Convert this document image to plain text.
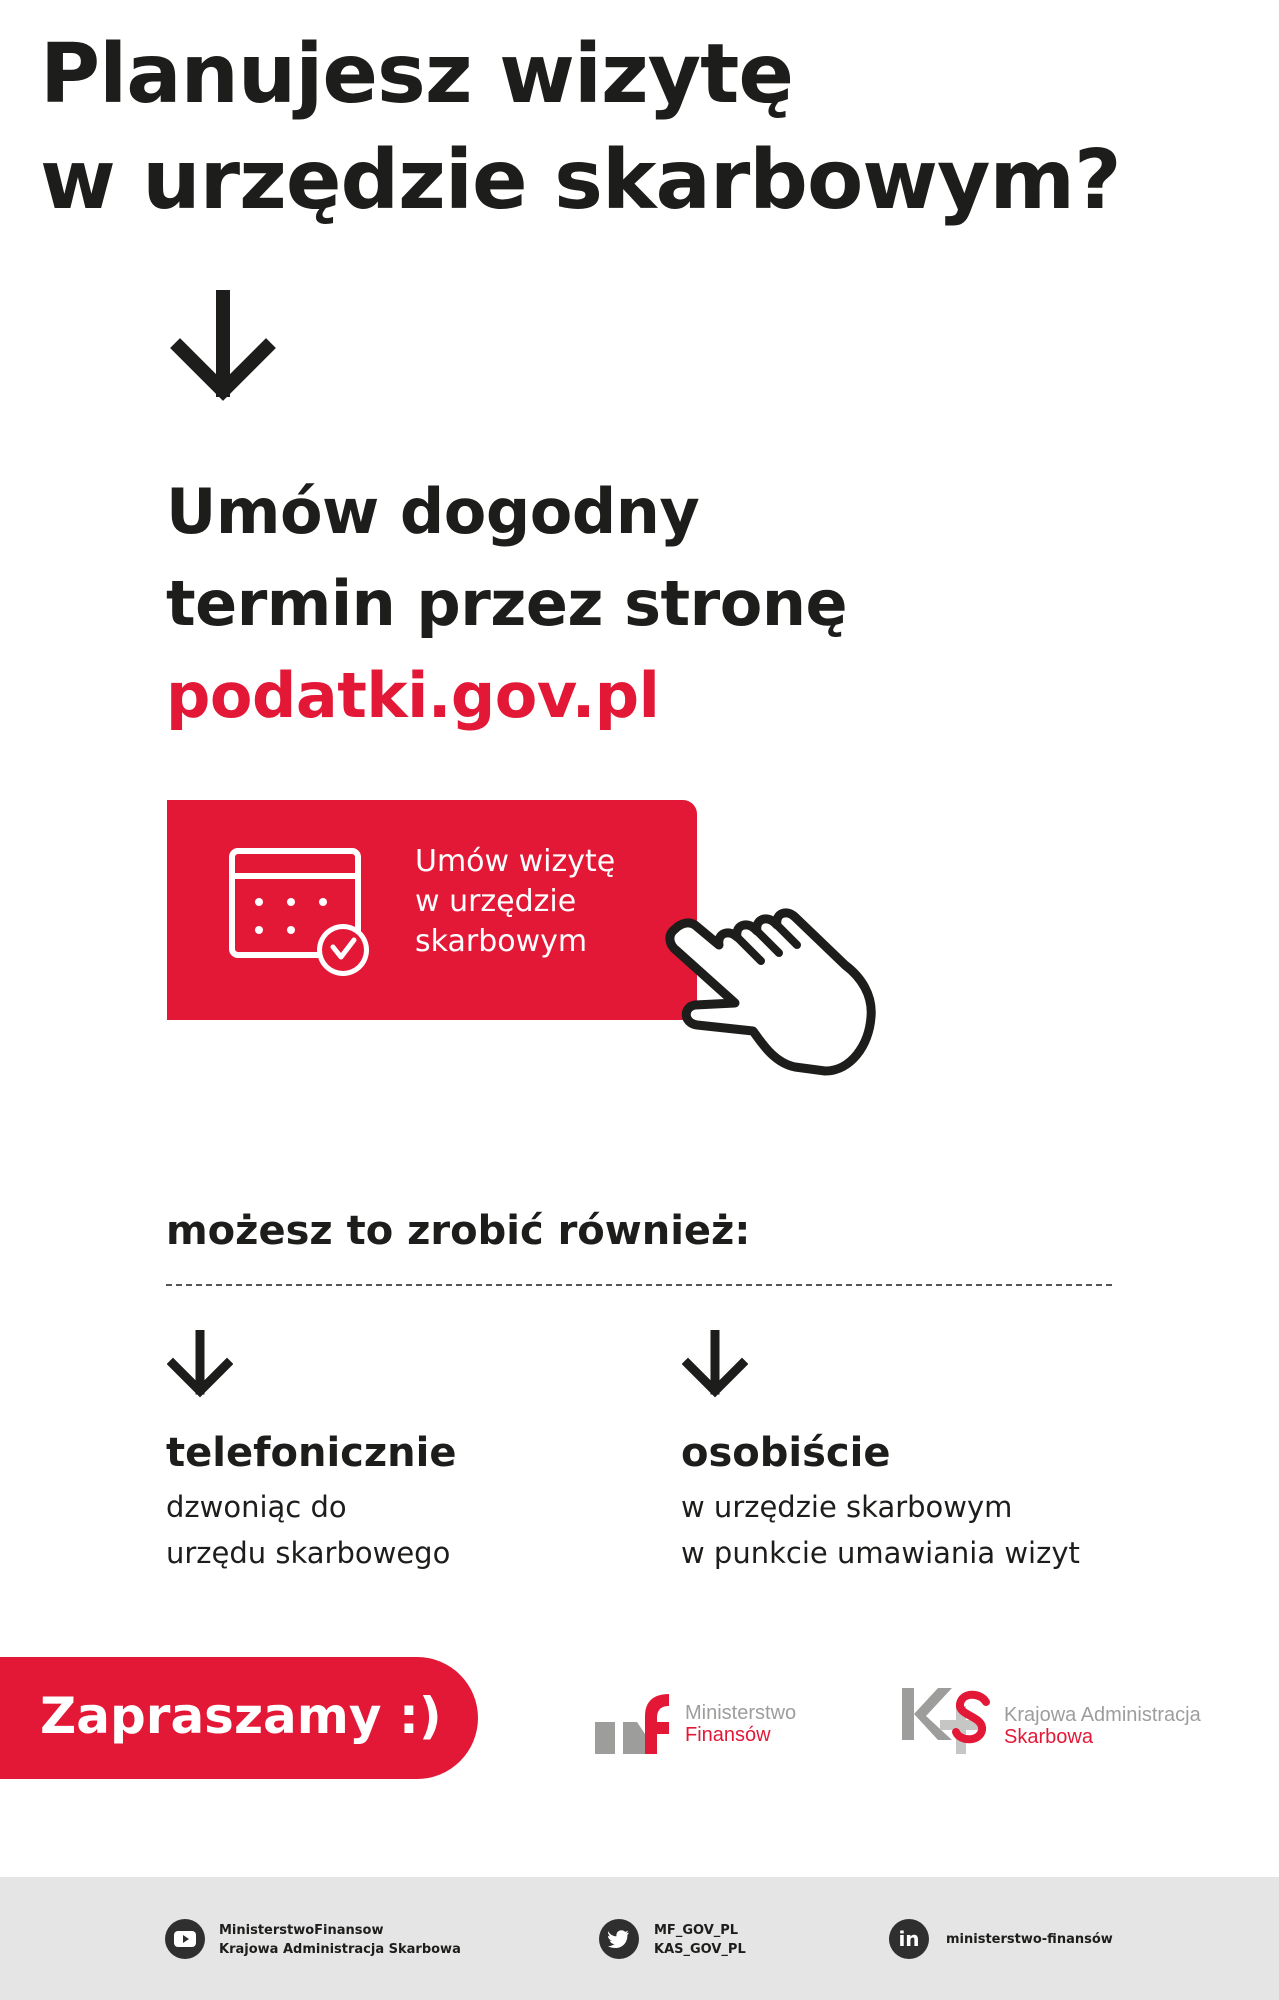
Planujesz wizytę
w urzędzie skarbowym?
Umów dogodny
termin przez stronę
podatki.gov.pl
Umów wizytę
w urzędzie
skarbowym
możesz to zrobić również:
telefonicznie
dzwoniąc do
urzędu skarbowego
osobiście
w urzędzie skarbowym
w punkcie umawiania wizyt
Zapraszamy :)	Ministerstwo
Finansów
Krajowa Administracja
Skarbowa
MinisterstwoFinansow
Krajowa Administracja Skarbowa
MF_GOV_PL
KAS_GOV_PL	in ministerstwo-finansów
